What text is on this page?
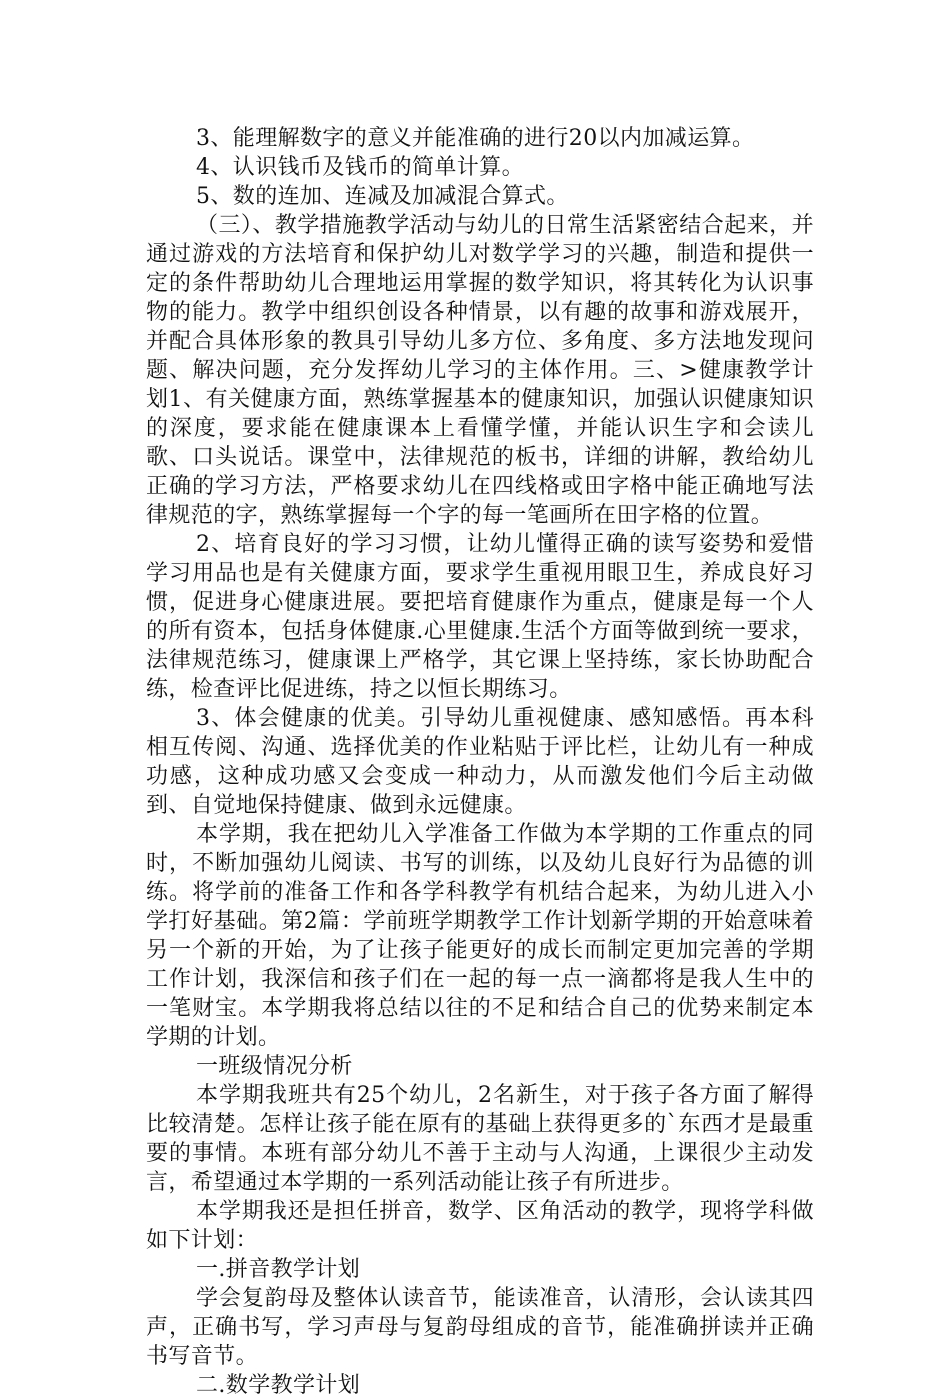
3、能理解数字的意义并能准确的进行20以内加减运算。

4、认识钱币及钱币的简单计算。

5、数的连加、连减及加减混合算式。

（三）、教学措施教学活动与幼儿的日常生活紧密结合起来，并通过游戏的方法培育和保护幼儿对数学学习的兴趣，制造和提供一定的条件帮助幼儿合理地运用掌握的数学知识，将其转化为认识事物的能力。教学中组织创设各种情景，以有趣的故事和游戏展开，并配合具体形象的教具引导幼儿多方位、多角度、多方法地发现问题、解决问题，充分发挥幼儿学习的主体作用。三、>健康教学计划1、有关健康方面，熟练掌握基本的健康知识，加强认识健康知识的深度，要求能在健康课本上看懂学懂，并能认识生字和会读儿歌、口头说话。课堂中，法律规范的板书，详细的讲解，教给幼儿正确的学习方法，严格要求幼儿在四线格或田字格中能正确地写法律规范的字，熟练掌握每一个字的每一笔画所在田字格的位置。

2、培育良好的学习习惯，让幼儿懂得正确的读写姿势和爱惜学习用品也是有关健康方面，要求学生重视用眼卫生，养成良好习惯，促进身心健康进展。要把培育健康作为重点，健康是每一个人的所有资本，包括身体健康.心里健康.生活个方面等做到统一要求，法律规范练习，健康课上严格学，其它课上坚持练，家长协助配合练，检查评比促进练，持之以恒长期练习。

3、体会健康的优美。引导幼儿重视健康、感知感悟。再本科相互传阅、沟通、选择优美的作业粘贴于评比栏，让幼儿有一种成功感，这种成功感又会变成一种动力，从而激发他们今后主动做到、自觉地保持健康、做到永远健康。

本学期，我在把幼儿入学准备工作做为本学期的工作重点的同时，不断加强幼儿阅读、书写的训练，以及幼儿良好行为品德的训练。将学前的准备工作和各学科教学有机结合起来，为幼儿进入小学打好基础。第2篇：学前班学期教学工作计划新学期的开始意味着另一个新的开始，为了让孩子能更好的成长而制定更加完善的学期工作计划，我深信和孩子们在一起的每一点一滴都将是我人生中的一笔财宝。本学期我将总结以往的不足和结合自己的优势来制定本学期的计划。

一班级情况分析

本学期我班共有25个幼儿，2名新生，对于孩子各方面了解得比较清楚。怎样让孩子能在原有的基础上获得更多的`东西才是最重要的事情。本班有部分幼儿不善于主动与人沟通，上课很少主动发言，希望通过本学期的一系列活动能让孩子有所进步。

本学期我还是担任拼音，数学、区角活动的教学，现将学科做如下计划：

一.拼音教学计划

学会复韵母及整体认读音节，能读准音，认清形，会认读其四声，正确书写，学习声母与复韵母组成的音节，能准确拼读并正确书写音节。

二.数学教学计划
